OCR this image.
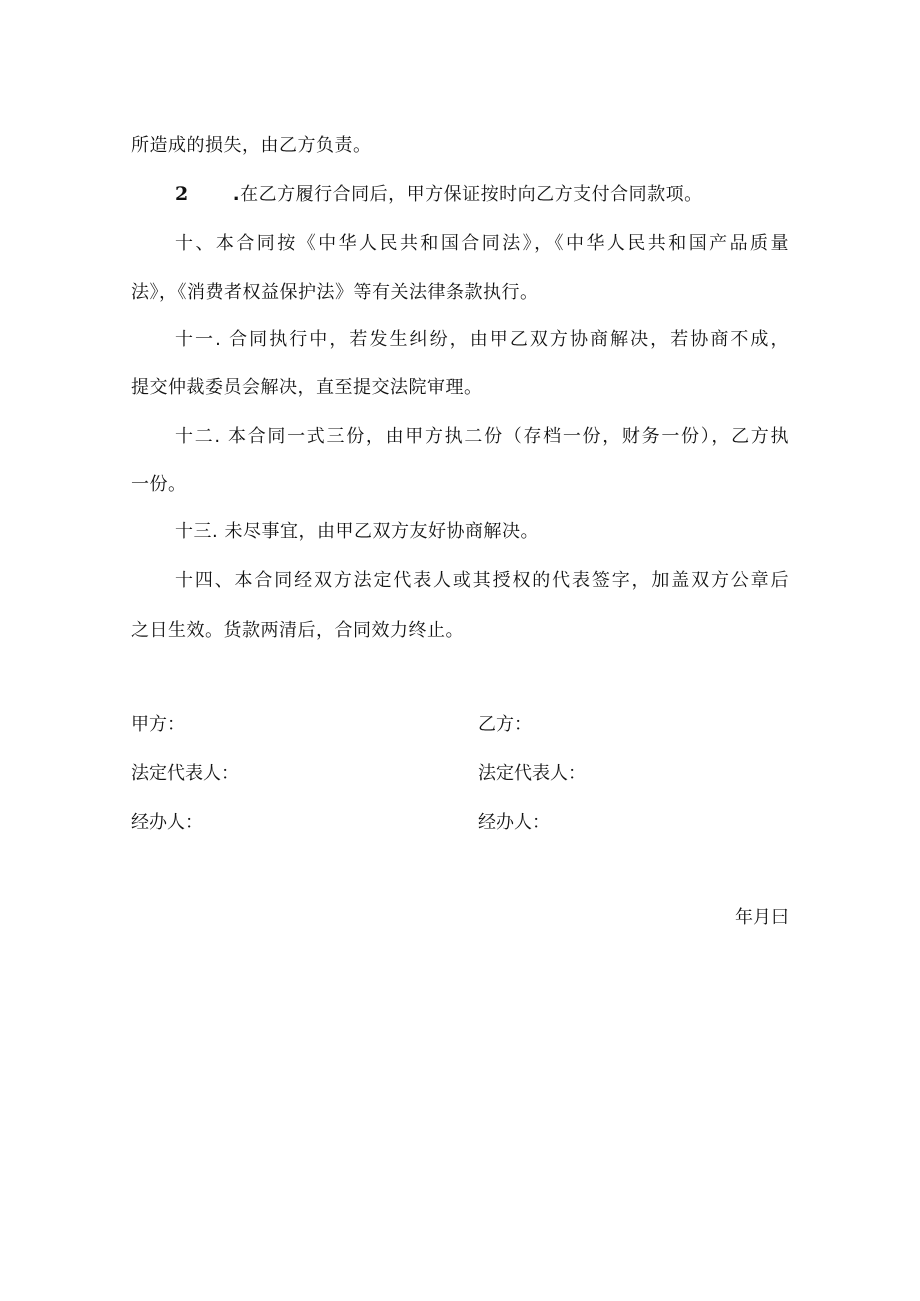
所造成的损失，由乙方负责。
2 .在乙方履行合同后，甲方保证按时向乙方支付合同款项。
十、本合同按《中华人民共和国合同法》，《中华人民共和国产品质量
法》，《消费者权益保护法》等有关法律条款执行。
十一. 合同执行中，若发生纠纷，由甲乙双方协商解决，若协商不成，
提交仲裁委员会解决，直至提交法院审理。
十二. 本合同一式三份，由甲方执二份（存档一份，财务一份），乙方执
一份。
十三. 未尽事宜，由甲乙双方友好协商解决。
十四、本合同经双方法定代表人或其授权的代表签字，加盖双方公章后
之日生效。货款两清后，合同效力终止。
甲方：	乙方：
法定代表人：	法定代表人：
经办人：	经办人：
年月曰
